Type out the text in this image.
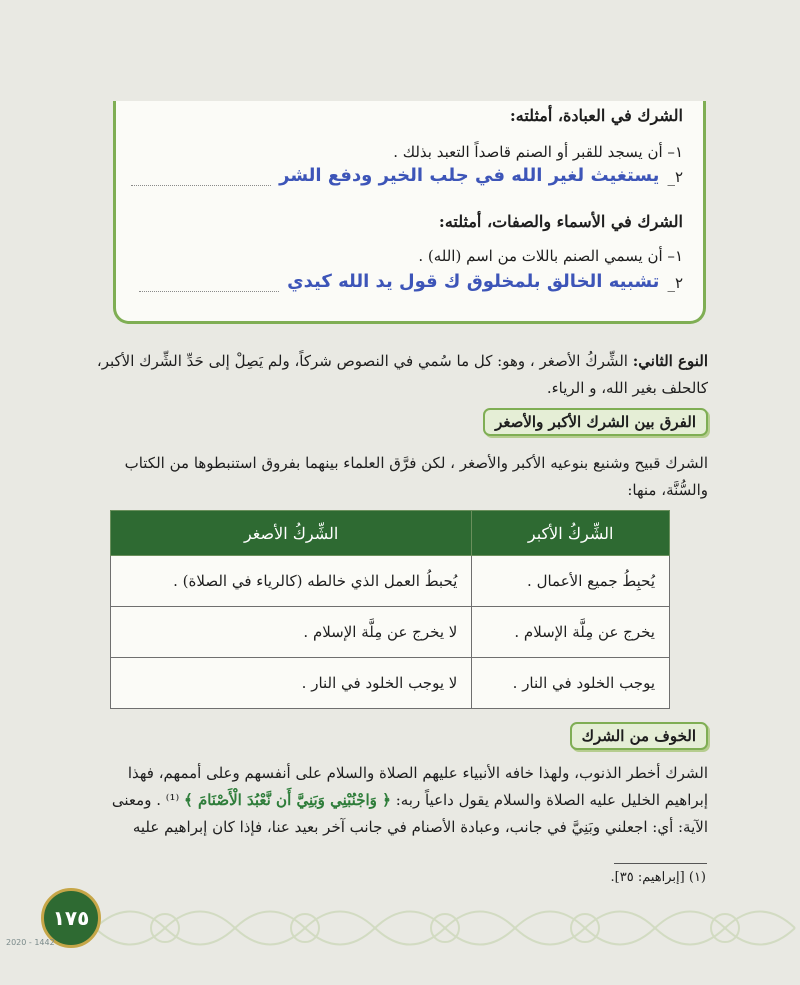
الشرك في العبادة، أمثلته:
١– أن يسجد للقبر أو الصنم قاصداً التعبد بذلك .
٢_
يستغيث لغير الله في جلب الخير ودفع الشر
الشرك في الأسماء والصفات، أمثلته:
١– أن يسمي الصنم باللات من اسم (الله) .
٢_
تشبيه الخالق بلمخلوق ك قول يد الله كيدي
النوع الثاني: الشِّركُ الأصغر ، وهو: كل ما سُمي في النصوص شركاً، ولم يَصِلْ إلى حَدِّ الشِّرك الأكبر، كالحلف بغير الله، و الرياء.
الفرق بين الشرك الأكبر والأصغر
الشرك قبيح وشنيع بنوعيه الأكبر والأصغر ، لكن فرَّق العلماء بينهما بفروق استنبطوها من الكتاب والسُّنَّة، منها:
الشِّركُ الأكبر	الشِّركُ الأصغر
يُحبِطُ جميع الأعمال .	يُحبطُ العمل الذي خالطه (كالرياء في الصلاة) .
يخرج عن مِلَّة الإسلام .	لا يخرج عن مِلَّة الإسلام .
يوجب الخلود في النار .	لا يوجب الخلود في النار .
الخوف من الشرك
الشرك أخطر الذنوب، ولهذا خافه الأنبياء عليهم الصلاة والسلام على أنفسهم وعلى أممهم، فهذا إبراهيم الخليل عليه الصلاة والسلام يقول داعياً ربه: ﴿ وَاجْنُبْنِي وَبَنِيَّ أَن نَّعْبُدَ الْأَصْنَامَ ﴾ ⁽¹⁾ . ومعنى الآية: أي: اجعلني وبَنِيَّ في جانب، وعبادة الأصنام في جانب آخر بعيد عنا، فإذا كان إبراهيم عليه
(١) [إبراهيم: ٣٥].
١٧٥
2020 - 1442
